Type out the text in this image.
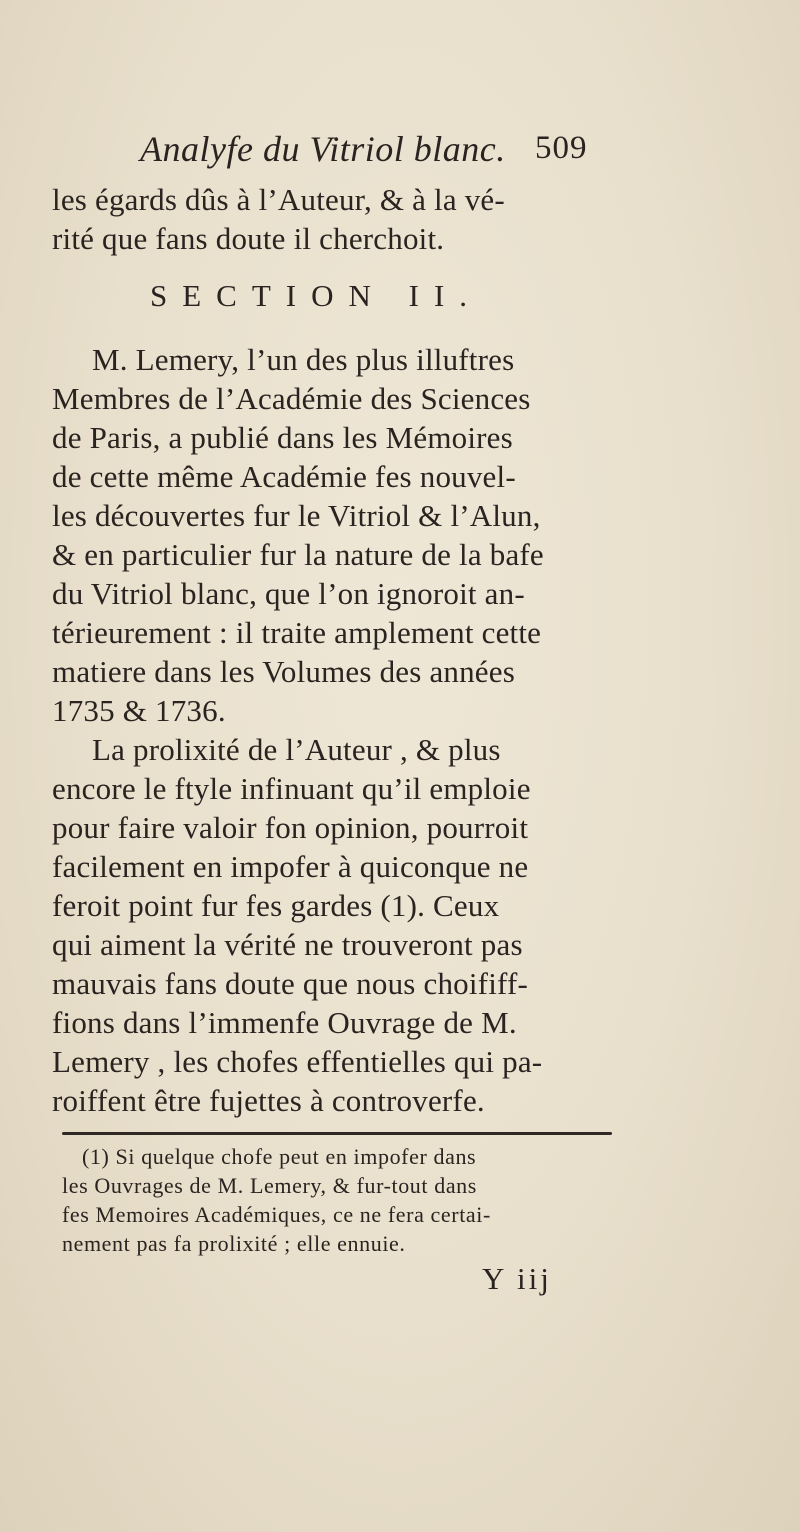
Analyfe du Vitriol blanc. 509
les égards dûs à l’Auteur, & à la vé-
rité que fans doute il cherchoit.
SECTION II.
M. Lemery, l’un des plus illuftres
Membres de l’Académie des Sciences
de Paris, a publié dans les Mémoires
de cette même Académie fes nouvel-
les découvertes fur le Vitriol & l’Alun,
& en particulier fur la nature de la bafe
du Vitriol blanc, que l’on ignoroit an-
térieurement : il traite amplement cette
matiere dans les Volumes des années
1735 & 1736.
La prolixité de l’Auteur , & plus
encore le ftyle infinuant qu’il emploie
pour faire valoir fon opinion, pourroit
facilement en impofer à quiconque ne
feroit point fur fes gardes (1). Ceux
qui aiment la vérité ne trouveront pas
mauvais fans doute que nous choififf-
fions dans l’immenfe Ouvrage de M.
Lemery , les chofes effentielles qui pa-
roiffent être fujettes à controverfe.
(1) Si quelque chofe peut en impofer dans
les Ouvrages de M. Lemery, & fur-tout dans
fes Memoires Académiques, ce ne fera certai-
nement pas fa prolixité ; elle ennuie.
Y iij
